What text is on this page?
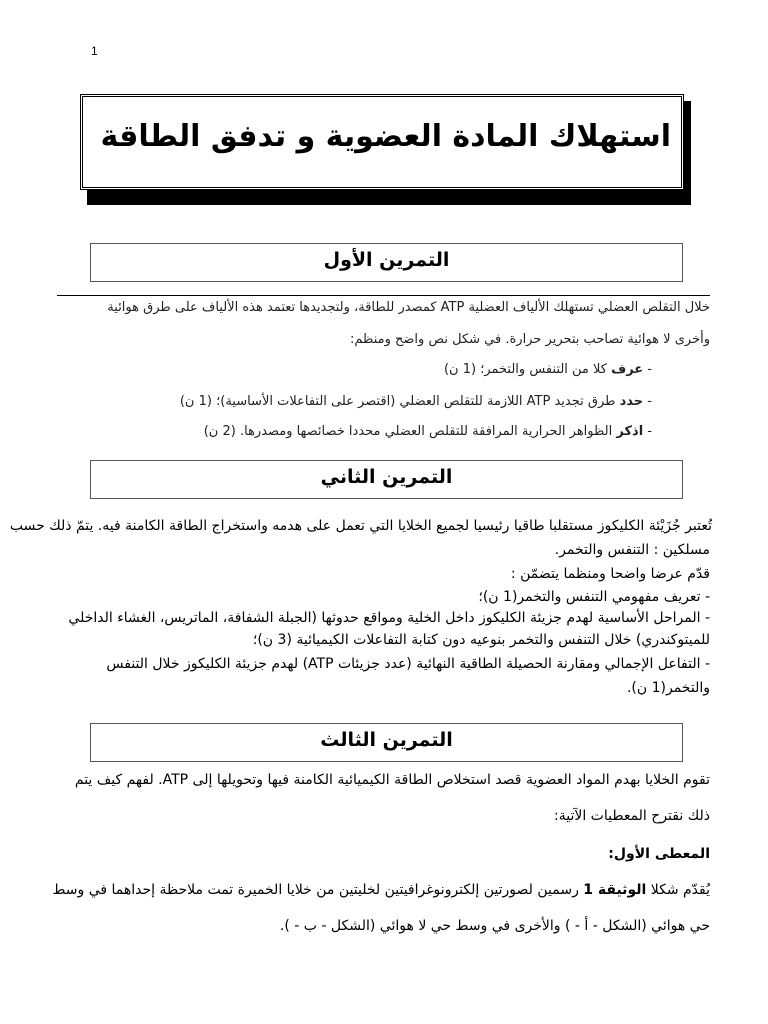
1
استهلاك المادة العضوية و تدفق الطاقة
التمرين الأول
خلال التقلص العضلي تستهلك الألياف العضلية ATP كمصدر للطاقة، ولتجديدها تعتمد هذه الألياف على طرق هوائية
وأخرى لا هوائية تصاحب بتحرير حرارة. في شكل نص واضح ومنظم:
- عرف كلا من التنفس والتخمر؛ (1 ن)
- حدد طرق تجديد ATP اللازمة للتقلص العضلي (اقتصر على التفاعلات الأساسية)؛ (1 ن)
- اذكر الظواهر الحرارية المرافقة للتقلص العضلي محددا خصائصها ومصدرها. (2 ن)
التمرين الثاني
تُعتبر جُزَيْئة الكليكوز مستقلبا طاقيا رئيسيا لجميع الخلايا التي تعمل على هدمه واستخراج الطاقة الكامنة فيه. يتمّ ذلك حسب
مسلكين : التنفس والتخمر.
قدّم عرضا واضحا ومنظما يتضمّن :
- تعريف مفهومي التنفس والتخمر(1 ن)؛
- المراحل الأساسية لهدم جزيئة الكليكوز داخل الخلية ومواقع حدوثها (الجبلة الشفافة، الماتريس، الغشاء الداخلي
للميتوكندري) خلال التنفس والتخمر بنوعيه دون كتابة التفاعلات الكيميائية (3 ن)؛
- التفاعل الإجمالي ومقارنة الحصيلة الطاقية النهائية (عدد جزيئات ATP) لهدم جزيئة الكليكوز خلال التنفس
والتخمر(1 ن).
التمرين الثالث
تقوم الخلايا بهدم المواد العضوية قصد استخلاص الطاقة الكيميائية الكامنة فيها وتحويلها إلى ATP. لفهم كيف يتم
ذلك نقترح المعطيات الآتية:
المعطى الأول:
يُقدّم شكلا الوثيقة 1 رسمين لصورتين إلكترونوغرافيتين لخليتين من خلايا الخميرة تمت ملاحظة إحداهما في وسط
حي هوائي (الشكل - أ - ) والأخرى في وسط حي لا هوائي (الشكل - ب - ).
